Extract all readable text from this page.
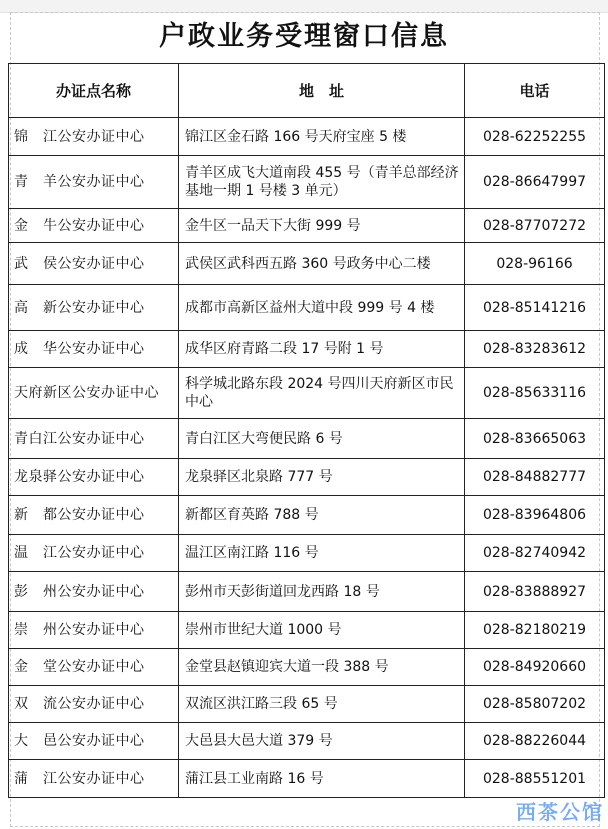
户政业务受理窗口信息
办证点名称	地　址	电话
锦　江公安办证中心	锦江区金石路 166 号天府宝座 5 楼	028-62252255
青　羊公安办证中心	青羊区成飞大道南段 455 号（青羊总部经济基地一期 1 号楼 3 单元）	028-86647997
金　牛公安办证中心	金牛区一品天下大街 999 号	028-87707272
武　侯公安办证中心	武侯区武科西五路 360 号政务中心二楼	028-96166
高　新公安办证中心	成都市高新区益州大道中段 999 号 4 楼	028-85141216
成　华公安办证中心	成华区府青路二段 17 号附 1 号	028-83283612
天府新区公安办证中心	科学城北路东段 2024 号四川天府新区市民中心	028-85633116
青白江公安办证中心	青白江区大弯便民路 6 号	028-83665063
龙泉驿公安办证中心	龙泉驿区北泉路 777 号	028-84882777
新　都公安办证中心	新都区育英路 788 号	028-83964806
温　江公安办证中心	温江区南江路 116 号	028-82740942
彭　州公安办证中心	彭州市天彭街道回龙西路 18 号	028-83888927
崇　州公安办证中心	崇州市世纪大道 1000 号	028-82180219
金　堂公安办证中心	金堂县赵镇迎宾大道一段 388 号	028-84920660
双　流公安办证中心	双流区洪江路三段 65 号	028-85807202
大　邑公安办证中心	大邑县大邑大道 379 号	028-88226044
蒲　江公安办证中心	蒲江县工业南路 16 号	028-88551201
西茶公馆
